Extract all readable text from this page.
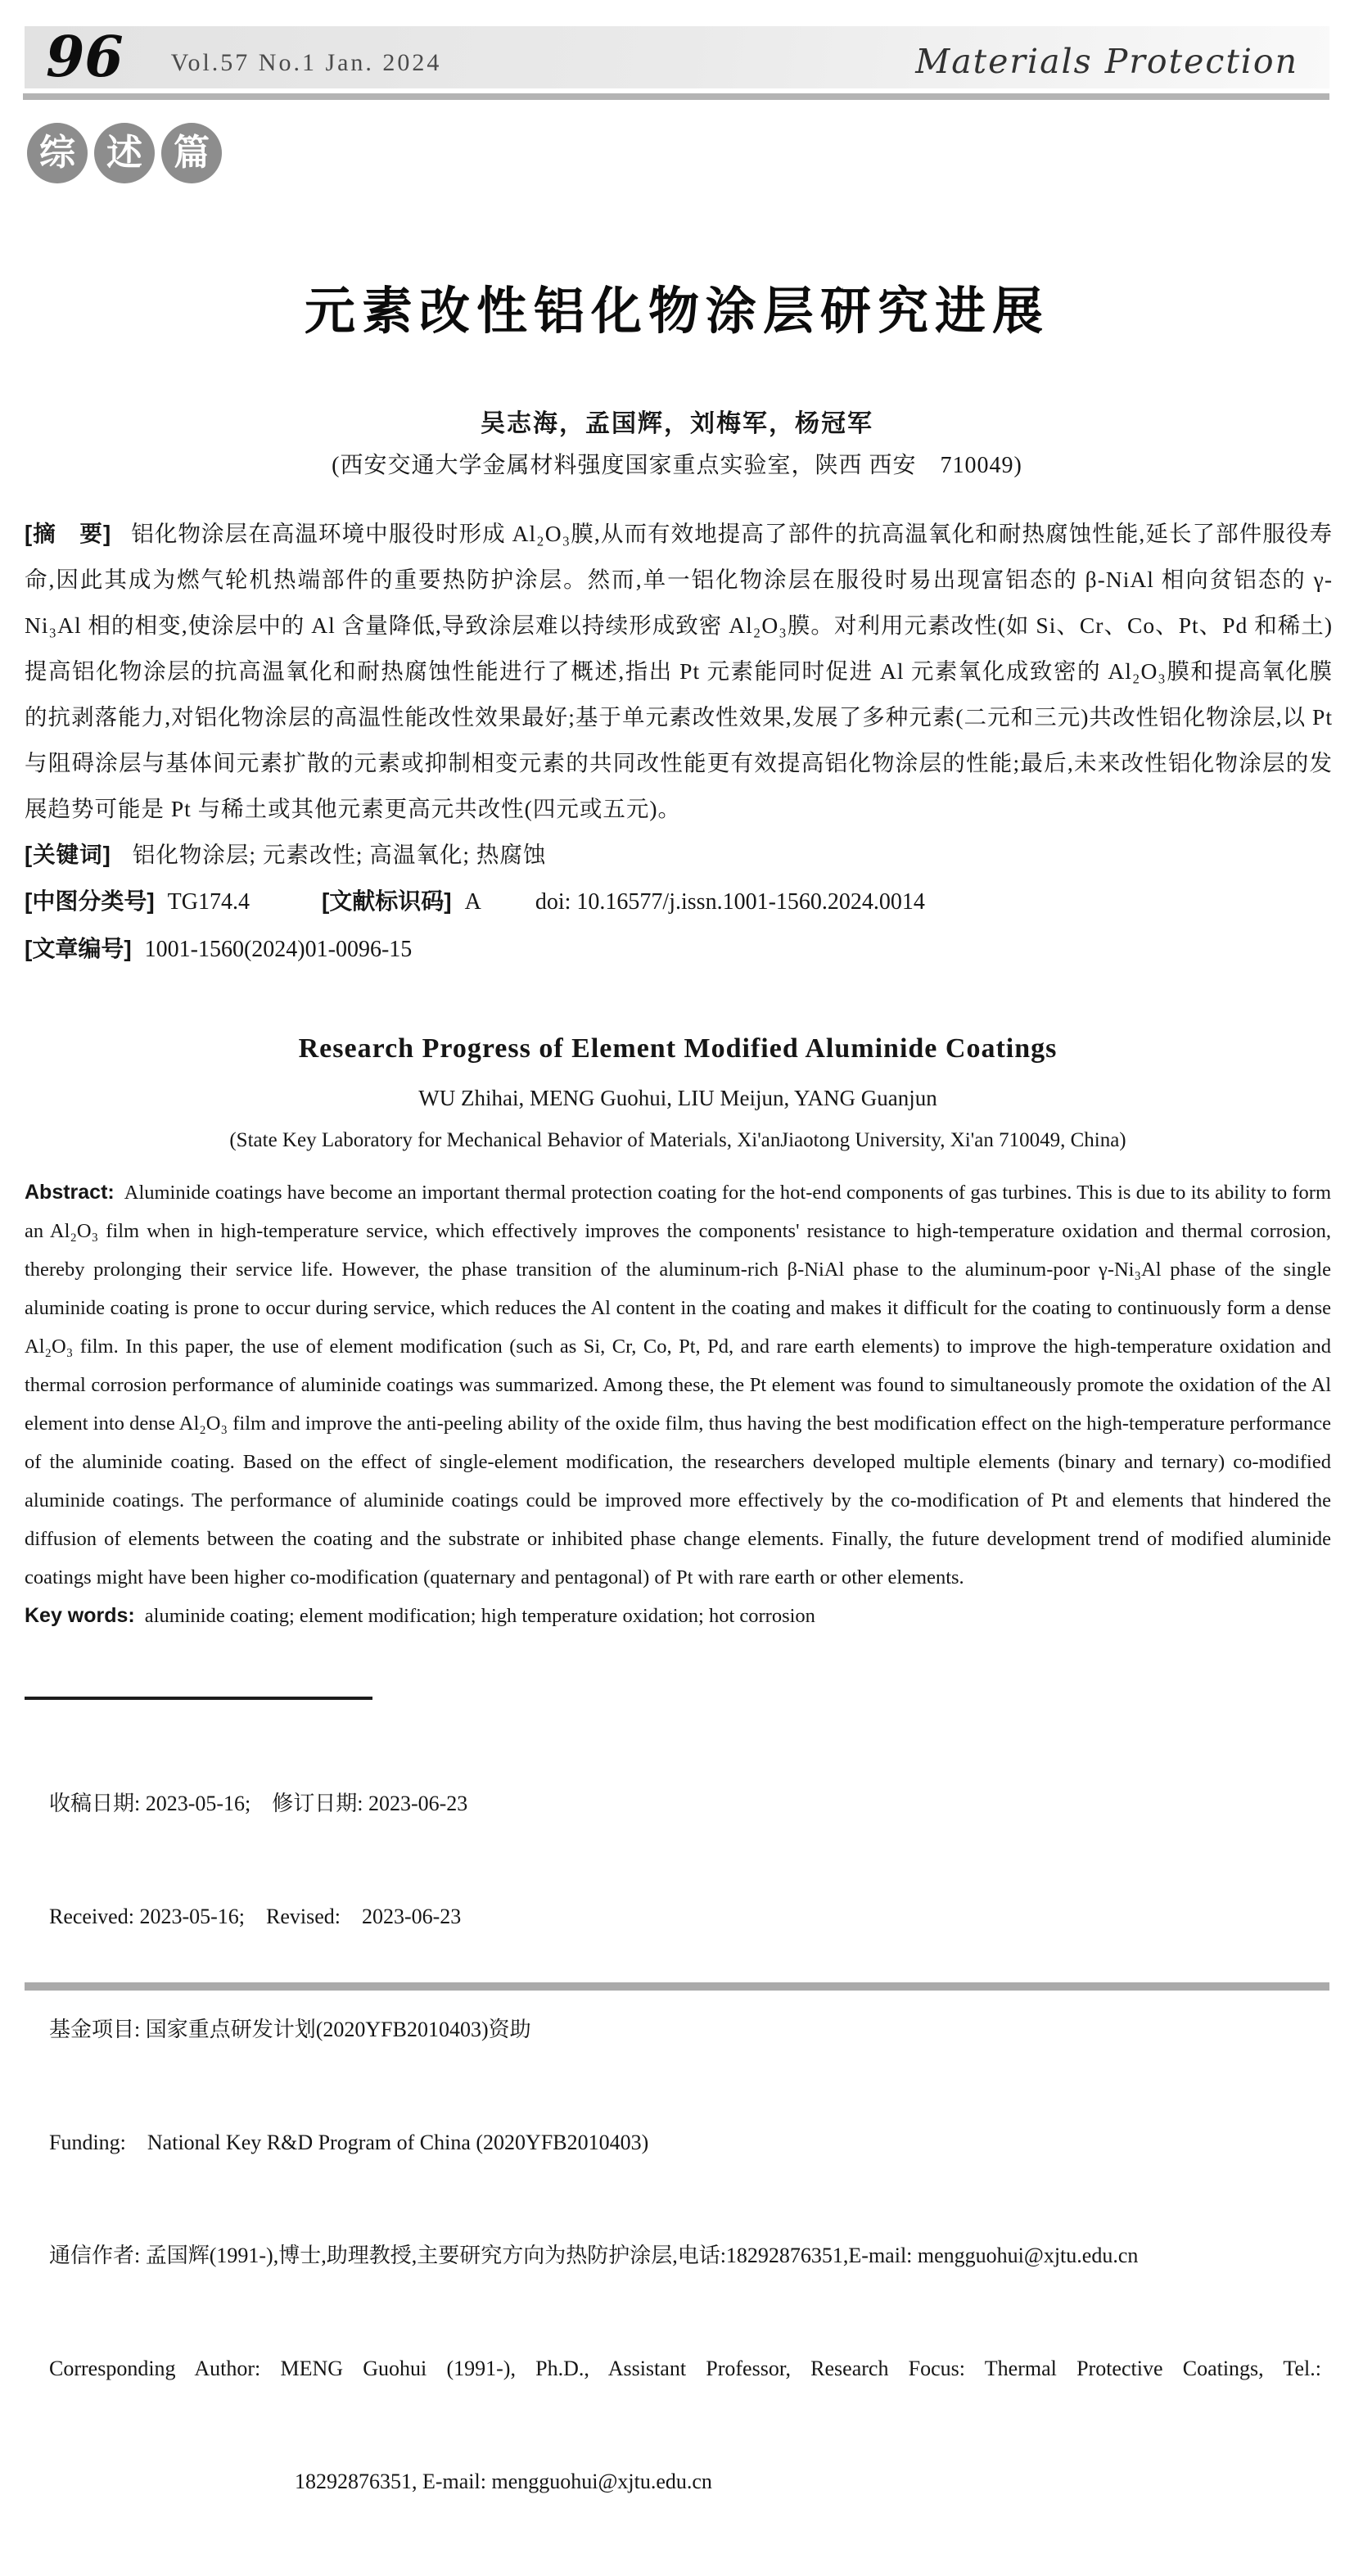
96 Vol.57 No.1 Jan. 2024	Materials Protection
综 述 篇
元素改性铝化物涂层研究进展
吴志海，孟国辉，刘梅军，杨冠军
(西安交通大学金属材料强度国家重点实验室，陕西 西安　710049)

[摘　要] 铝化物涂层在高温环境中服役时形成 Al₂O₃膜,从而有效地提高了部件的抗高温氧化和耐热腐蚀性能,延长了部件服役寿命,因此其成为燃气轮机热端部件的重要热防护涂层。然而,单一铝化物涂层在服役时易出现富铝态的 β-NiAl 相向贫铝态的 γ-Ni₃Al 相的相变,使涂层中的 Al 含量降低,导致涂层难以持续形成致密 Al₂O₃膜。对利用元素改性(如 Si、Cr、Co、Pt、Pd 和稀土)提高铝化物涂层的抗高温氧化和耐热腐蚀性能进行了概述,指出 Pt 元素能同时促进 Al 元素氧化成致密的 Al₂O₃膜和提高氧化膜的抗剥落能力,对铝化物涂层的高温性能改性效果最好;基于单元素改性效果,发展了多种元素(二元和三元)共改性铝化物涂层,以 Pt 与阻碍涂层与基体间元素扩散的元素或抑制相变元素的共同改性能更有效提高铝化物涂层的性能;最后,未来改性铝化物涂层的发展趋势可能是 Pt 与稀土或其他元素更高元共改性(四元或五元)。

[关键词] 铝化物涂层; 元素改性; 高温氧化; 热腐蚀

[中图分类号] TG174.4	[文献标识码] A doi: 10.16577/j.issn.1001-1560.2024.0014
[文章编号] 1001-1560(2024)01-0096-15
Research Progress of Element Modified Aluminide Coatings
WU Zhihai, MENG Guohui, LIU Meijun, YANG Guanjun
(State Key Laboratory for Mechanical Behavior of Materials, Xi'anJiaotong University, Xi'an 710049, China)

Abstract: Aluminide coatings have become an important thermal protection coating for the hot-end components of gas turbines. This is due to its ability to form an Al₂O₃ film when in high-temperature service, which effectively improves the components' resistance to high-temperature oxidation and thermal corrosion, thereby prolonging their service life. However, the phase transition of the aluminum-rich β-NiAl phase to the aluminum-poor γ-Ni₃Al phase of the single aluminide coating is prone to occur during service, which reduces the Al content in the coating and makes it difficult for the coating to continuously form a dense Al₂O₃ film. In this paper, the use of element modification (such as Si, Cr, Co, Pt, Pd, and rare earth elements) to improve the high-temperature oxidation and thermal corrosion performance of aluminide coatings was summarized. Among these, the Pt element was found to simultaneously promote the oxidation of the Al element into dense Al₂O₃ film and improve the anti-peeling ability of the oxide film, thus having the best modification effect on the high-temperature performance of the aluminide coating. Based on the effect of single-element modification, the researchers developed multiple elements (binary and ternary) co-modified aluminide coatings. The performance of aluminide coatings could be improved more effectively by the co-modification of Pt and elements that hindered the diffusion of elements between the coating and the substrate or inhibited phase change elements. Finally, the future development trend of modified aluminide coatings might have been higher co-modification (quaternary and pentagonal) of Pt with rare earth or other elements.

Key words: aluminide coating; element modification; high temperature oxidation; hot corrosion

收稿日期: 2023-05-16;　修订日期: 2023-06-23

Received: 2023-05-16;　Revised:　2023-06-23

基金项目: 国家重点研发计划(2020YFB2010403)资助

Funding:　National Key R&D Program of China (2020YFB2010403)

通信作者: 孟国辉(1991-),博士,助理教授,主要研究方向为热防护涂层,电话:18292876351,E-mail: mengguohui@xjtu.edu.cn

Corresponding Author: MENG Guohui (1991-), Ph.D., Assistant Professor, Research Focus: Thermal Protective Coatings, Tel.:

18292876351, E-mail: mengguohui@xjtu.edu.cn
